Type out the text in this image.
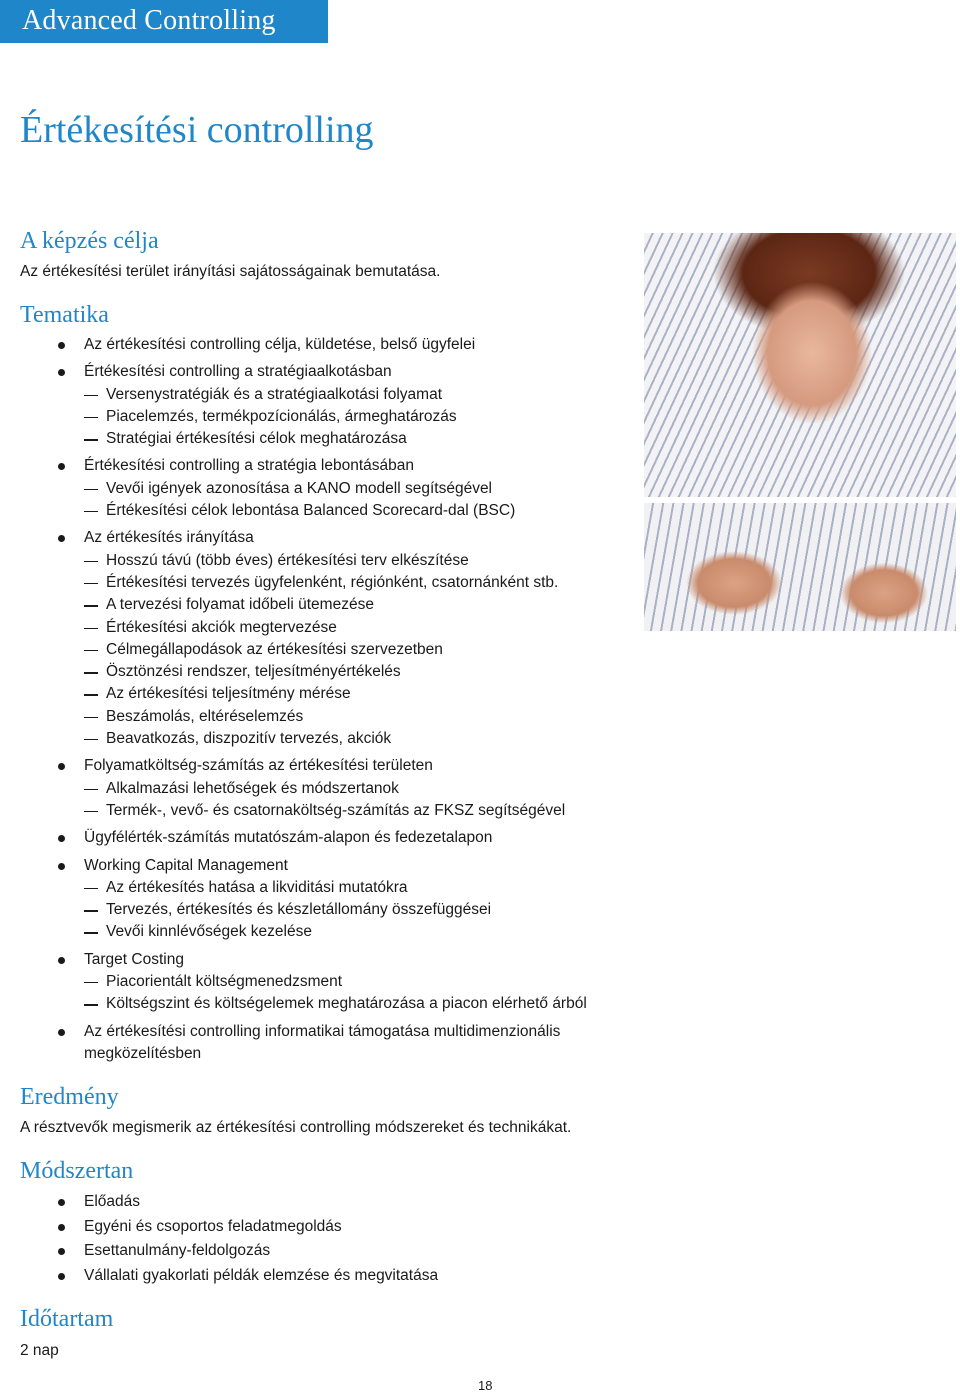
Advanced Controlling
Értékesítési controlling
A képzés célja

Az értékesítési terület irányítási sajátosságainak bemutatása.

Tematika
Az értékesítési controlling célja, küldetése, belső ügyfelei
Értékesítési controlling a stratégiaalkotásban
Versenystratégiák és a stratégiaalkotási folyamat
Piacelemzés, termékpozícionálás, ármeghatározás
Stratégiai értékesítési célok meghatározása
Értékesítési controlling a stratégia lebontásában
Vevői igények azonosítása a KANO modell segítségével
Értékesítési célok lebontása Balanced Scorecard-dal (BSC)
Az értékesítés irányítása
Hosszú távú (több éves) értékesítési terv elkészítése
Értékesítési tervezés ügyfelenként, régiónként, csatornánként stb.
A tervezési folyamat időbeli ütemezése
Értékesítési akciók megtervezése
Célmegállapodások az értékesítési szervezetben
Ösztönzési rendszer, teljesítményértékelés
Az értékesítési teljesítmény mérése
Beszámolás, eltéréselemzés
Beavatkozás, diszpozitív tervezés, akciók
Folyamatköltség-számítás az értékesítési területen
Alkalmazási lehetőségek és módszertanok
Termék-, vevő- és csatornaköltség-számítás az FKSZ segítségével
Ügyfélérték-számítás mutatószám-alapon és fedezetalapon
Working Capital Management
Az értékesítés hatása a likviditási mutatókra
Tervezés, értékesítés és készletállomány összefüggései
Vevői kinnlévőségek kezelése
Target Costing
Piacorientált költségmenedzsment
Költségszint és költségelemek meghatározása a piacon elérhető árból
Az értékesítési controlling informatikai támogatása multidimenzionális megközelítésben
Eredmény

A résztvevők megismerik az értékesítési controlling módszereket és technikákat.

Módszertan
Előadás
Egyéni és csoportos feladatmegoldás
Esettanulmány-feldolgozás
Vállalati gyakorlati példák elemzése és megvitatása
Időtartam

2 nap

18
